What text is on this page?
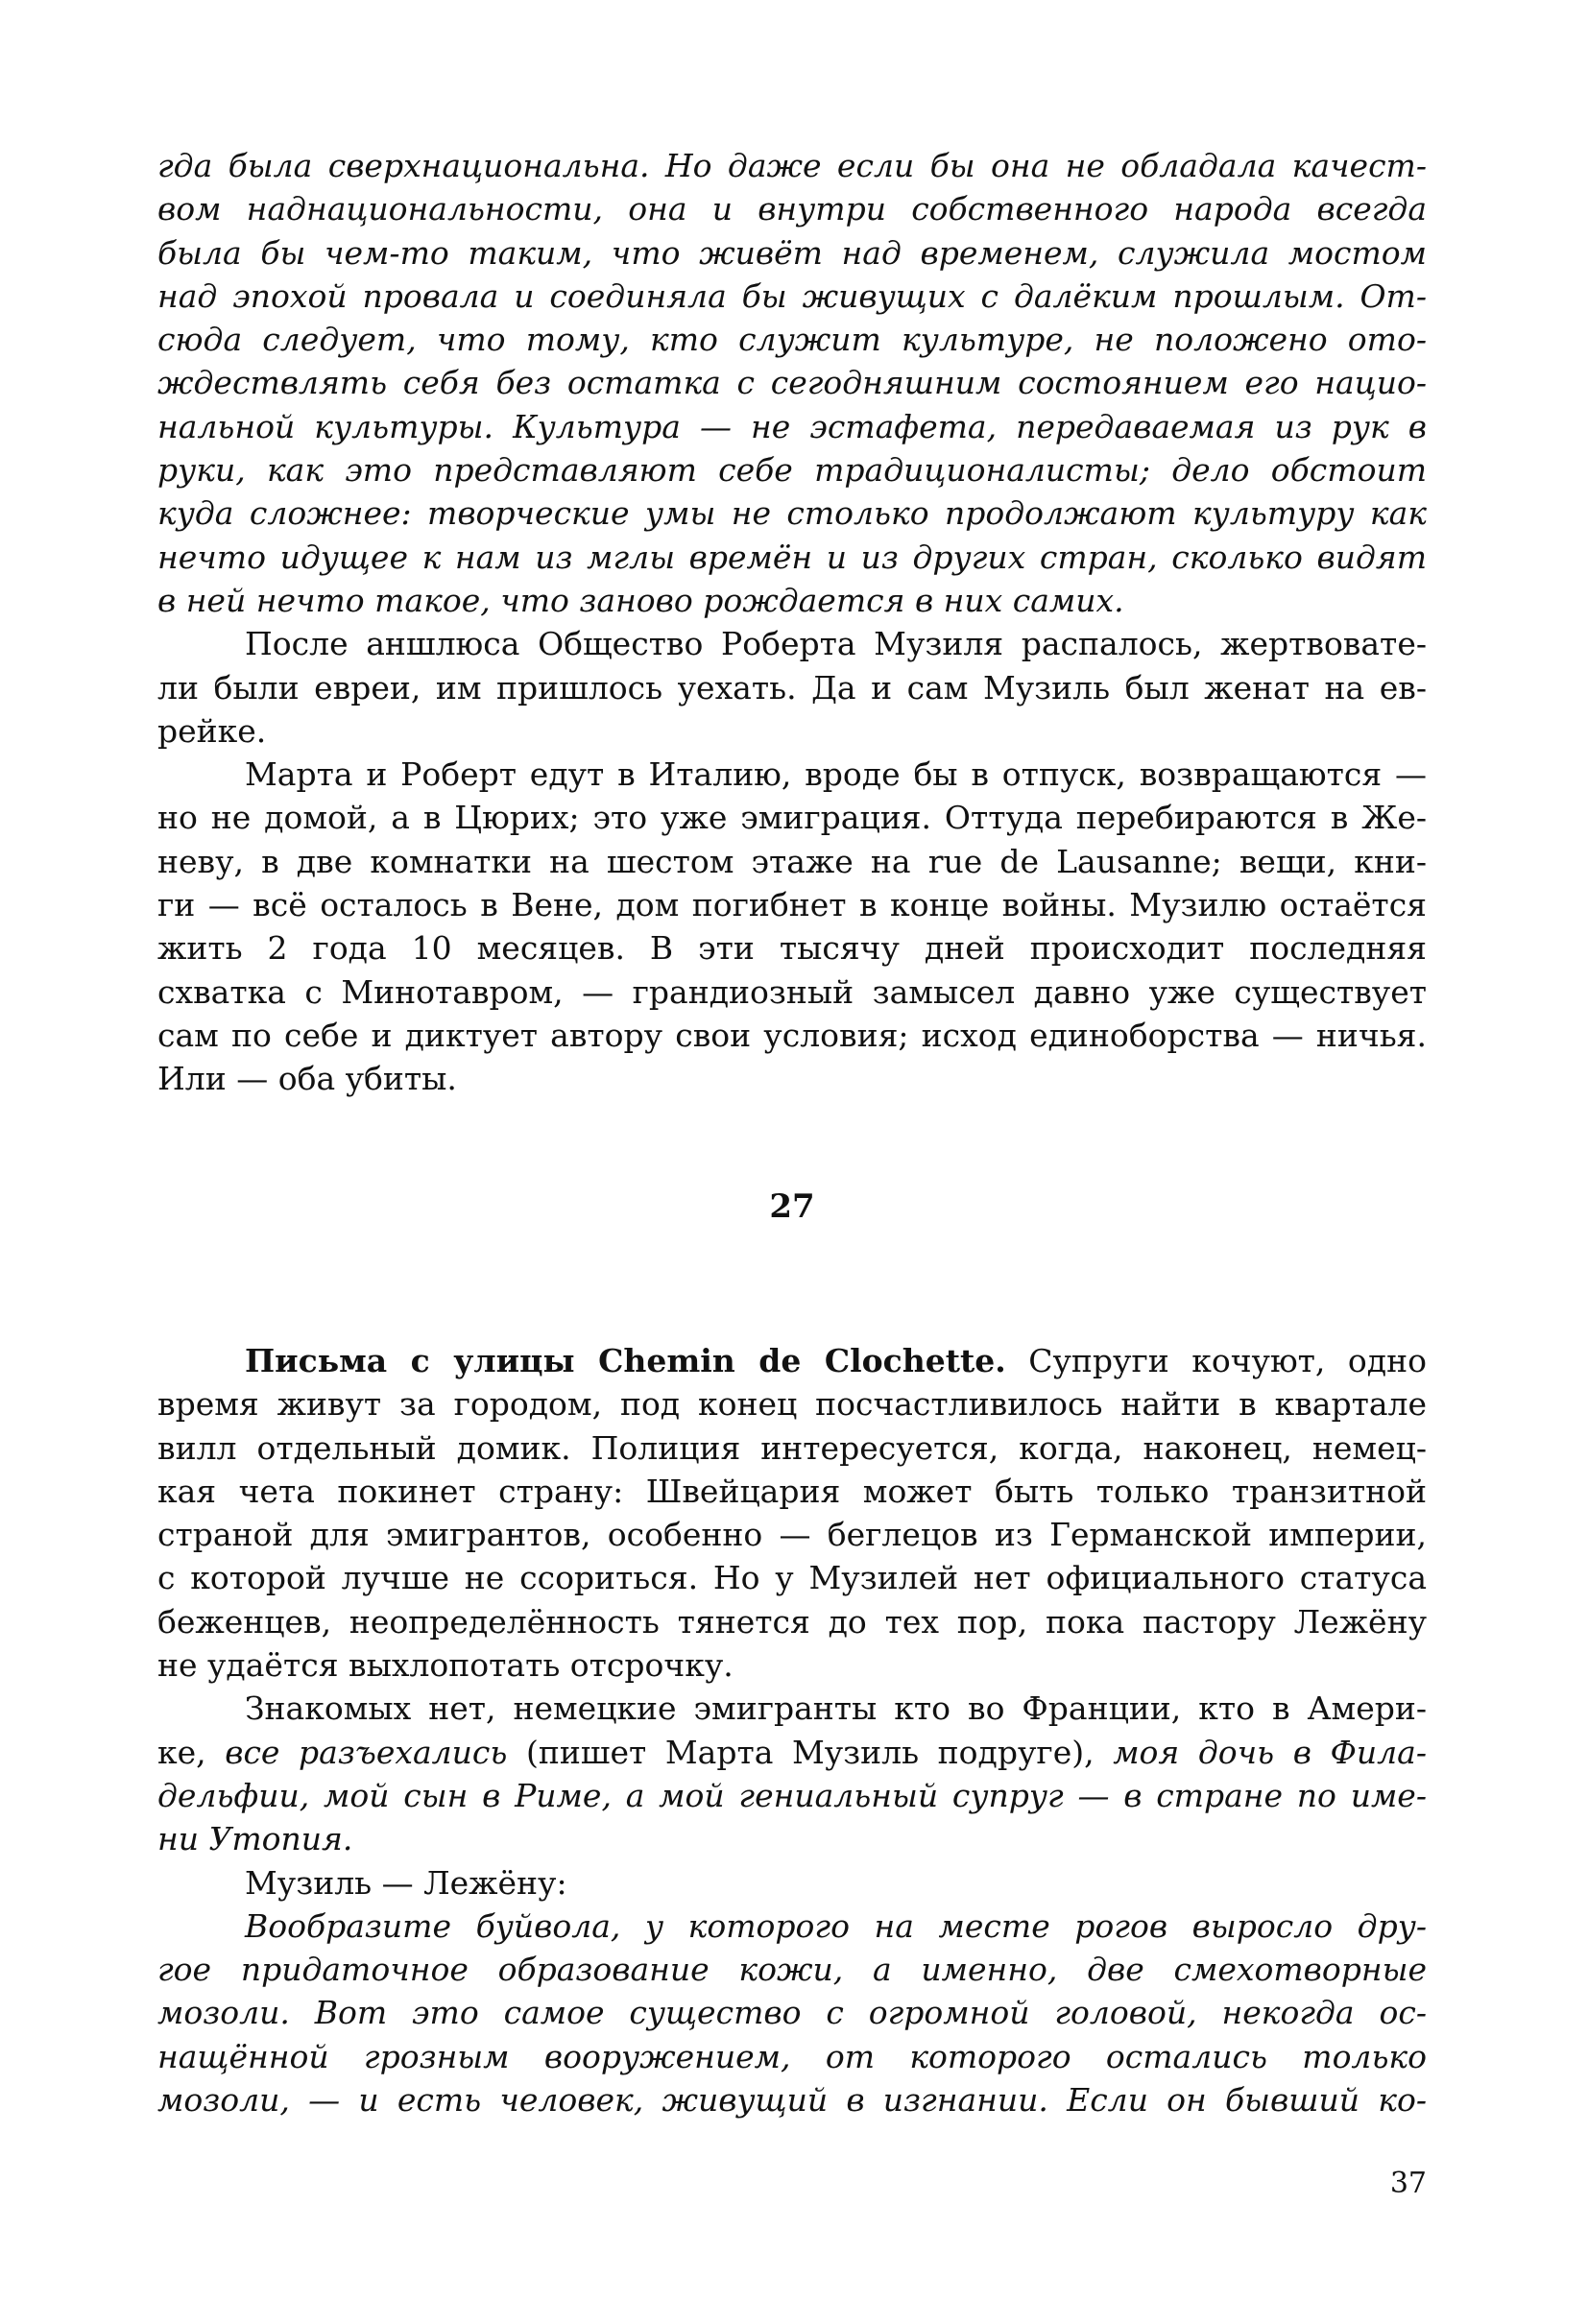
гда была сверхнациональна. Но даже если бы она не обладала качест-
вом наднациональности, она и внутри собственного народа всегда
была бы чем-то таким, что живёт над временем, служила мостом
над эпохой провала и соединяла бы живущих с далёким прошлым. От-
сюда следует, что тому, кто служит культуре, не положено ото-
ждествлять себя без остатка с сегодняшним состоянием его нацио-
нальной культуры. Культура — не эстафета, передаваемая из рук в
руки, как это представляют себе традиционалисты; дело обстоит
куда сложнее: творческие умы не столько продолжают культуру как
нечто идущее к нам из мглы времён и из других стран, сколько видят
в ней нечто такое, что заново рождается в них самих.
После аншлюса Общество Роберта Музиля распалось, жертвовате-
ли были евреи, им пришлось уехать. Да и сам Музиль был женат на ев-
рейке.
Марта и Роберт едут в Италию, вроде бы в отпуск, возвращаются —
но не домой, а в Цюрих; это уже эмиграция. Оттуда перебираются в Же-
неву, в две комнатки на шестом этаже на rue de Lausanne; вещи, кни-
ги — всё осталось в Вене, дом погибнет в конце войны. Музилю остаётся
жить 2 года 10 месяцев. В эти тысячу дней происходит последняя
схватка с Минотавром, — грандиозный замысел давно уже существует
сам по себе и диктует автору свои условия; исход единоборства — ничья.
Или — оба убиты.
27
Письма с улицы Chemin de Clochette. Супруги кочуют, одно
время живут за городом, под конец посчастливилось найти в квартале
вилл отдельный домик. Полиция интересуется, когда, наконец, немец-
кая чета покинет страну: Швейцария может быть только транзитной
страной для эмигрантов, особенно — беглецов из Германской империи,
с которой лучше не ссориться. Но у Музилей нет официального статуса
беженцев, неопределённость тянется до тех пор, пока пастору Лежёну
не удаётся выхлопотать отсрочку.
Знакомых нет, немецкие эмигранты кто во Франции, кто в Амери-
ке, все разъехались (пишет Марта Музиль подруге), моя дочь в Фила-
дельфии, мой сын в Риме, а мой гениальный супруг — в стране по име-
ни Утопия.
Музиль — Лежёну:
Вообразите буйвола, у которого на месте рогов выросло дру-
гое придаточное образование кожи, а именно, две смехотворные
мозоли. Вот это самое существо с огромной головой, некогда ос-
нащённой грозным вооружением, от которого остались только
мозоли, — и есть человек, живущий в изгнании. Если он бывший ко-
37
